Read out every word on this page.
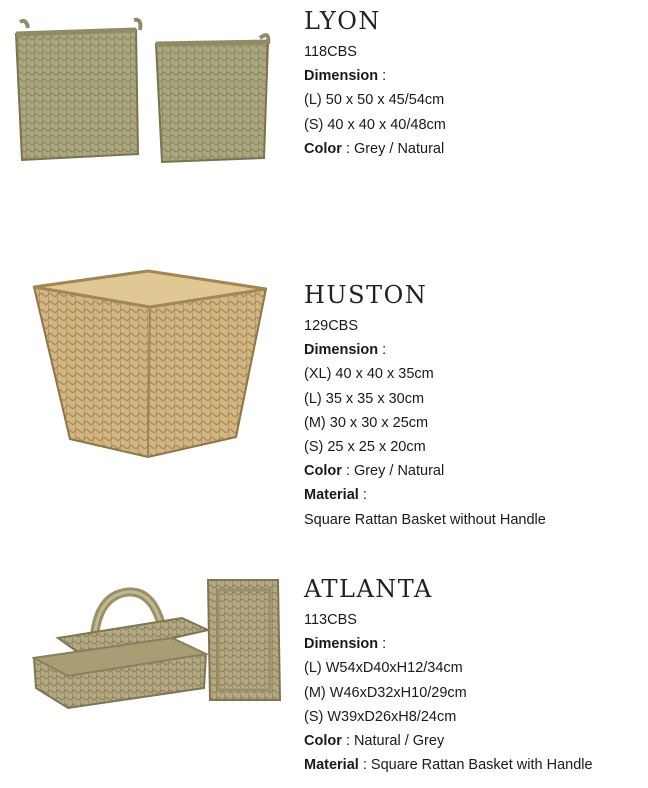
LYON
118CBS
Dimension :
(L) 50 x 50 x 45/54cm
(S) 40 x 40 x 40/48cm
Color : Grey / Natural
HUSTON
129CBS
Dimension :
(XL) 40 x 40 x 35cm
(L) 35 x 35 x 30cm
(M) 30 x 30 x 25cm
(S) 25 x 25 x 20cm
Color : Grey / Natural
Material :
Square Rattan Basket without Handle
ATLANTA
113CBS
Dimension :
(L) W54xD40xH12/34cm
(M) W46xD32xH10/29cm
(S) W39xD26xH8/24cm
Color : Natural / Grey
Material : Square Rattan Basket with Handle
